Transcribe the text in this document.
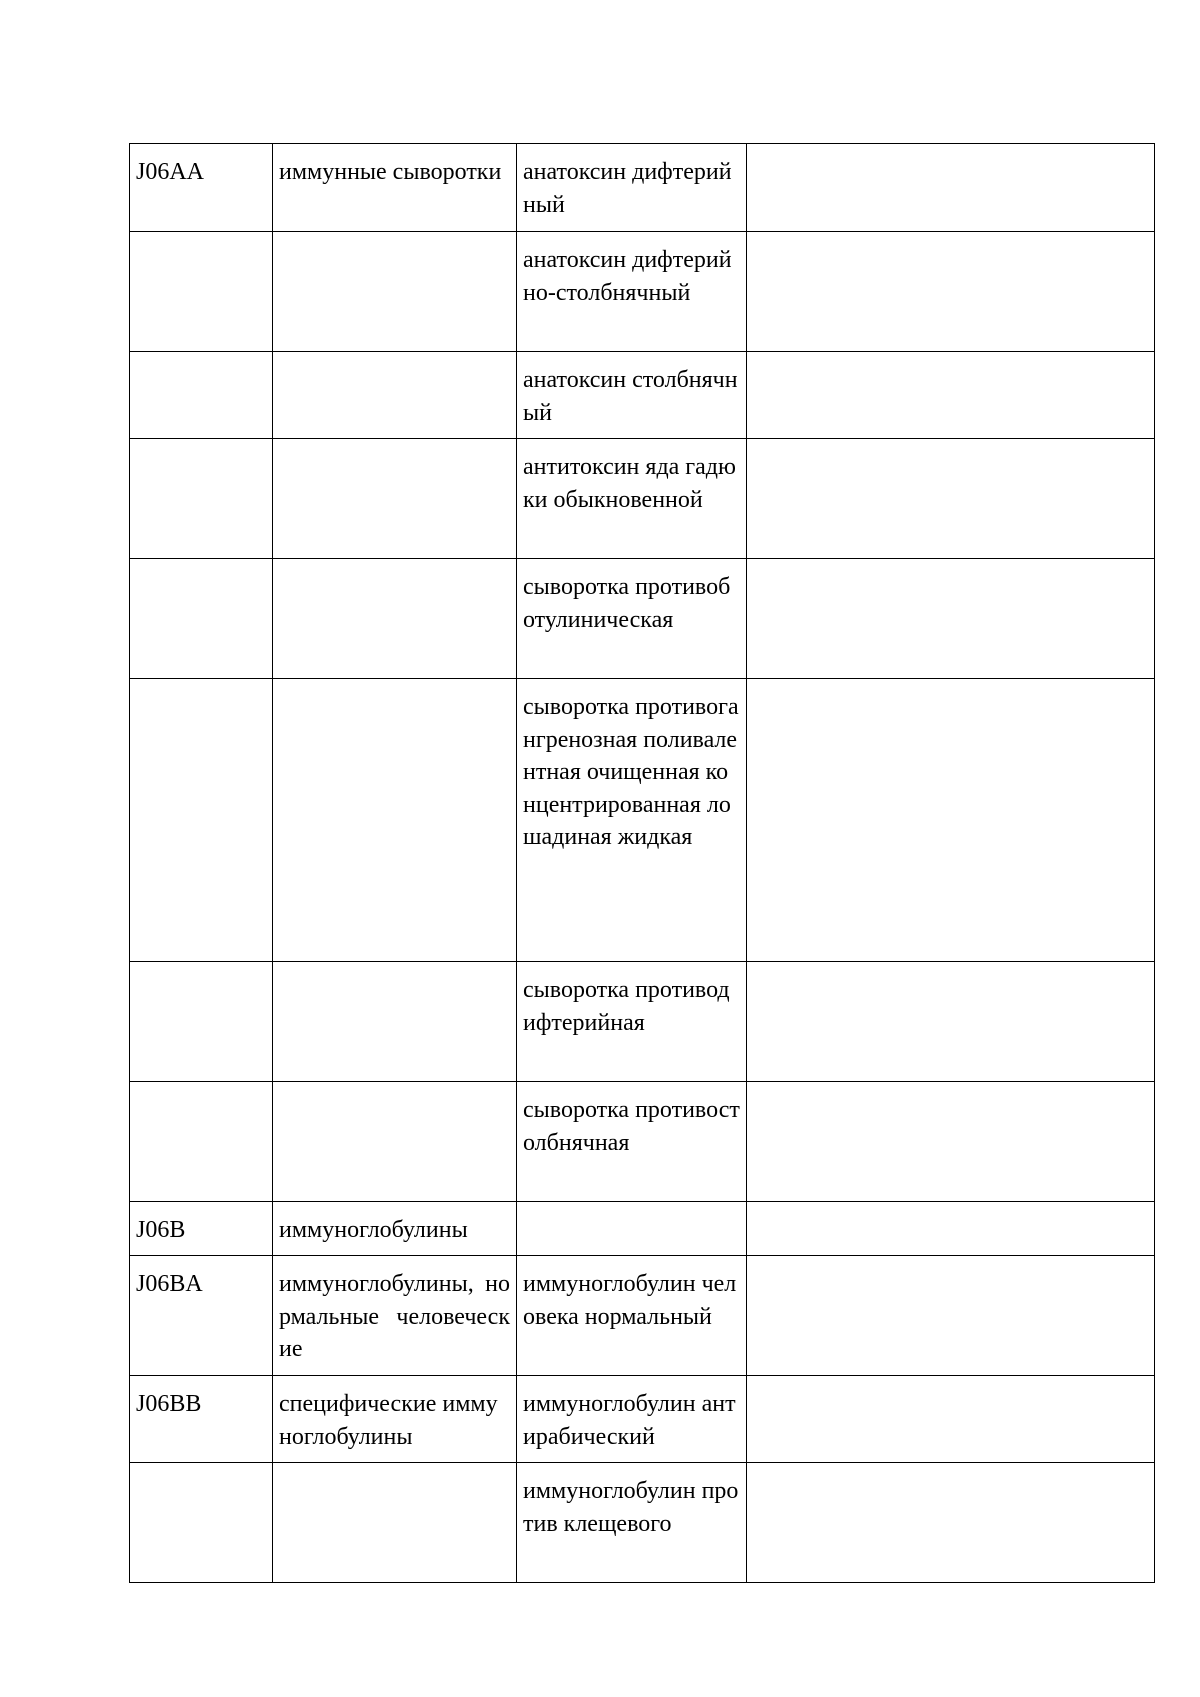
J06AA	иммунные сыворотки	анатоксин дифтерийный	
		анатоксин дифтерийно-столбнячный	
		анатоксин столбнячный	
		антитоксин яда гадюки обыкновенной	
		сыворотка противоботулиническая	
		сыворотка противогангренозная поливалентная очищенная концентрированная лошадиная жидкая	
		сыворотка противодифтерийная	
		сыворотка противостолбнячная	
J06B	иммуноглобулины		
J06BA	иммуноглобулины, нормальные человеческие	иммуноглобулин человека нормальный	
J06BB	специфические иммуноглобулины	иммуноглобулин антирабический	
		иммуноглобулин против клещевого	
